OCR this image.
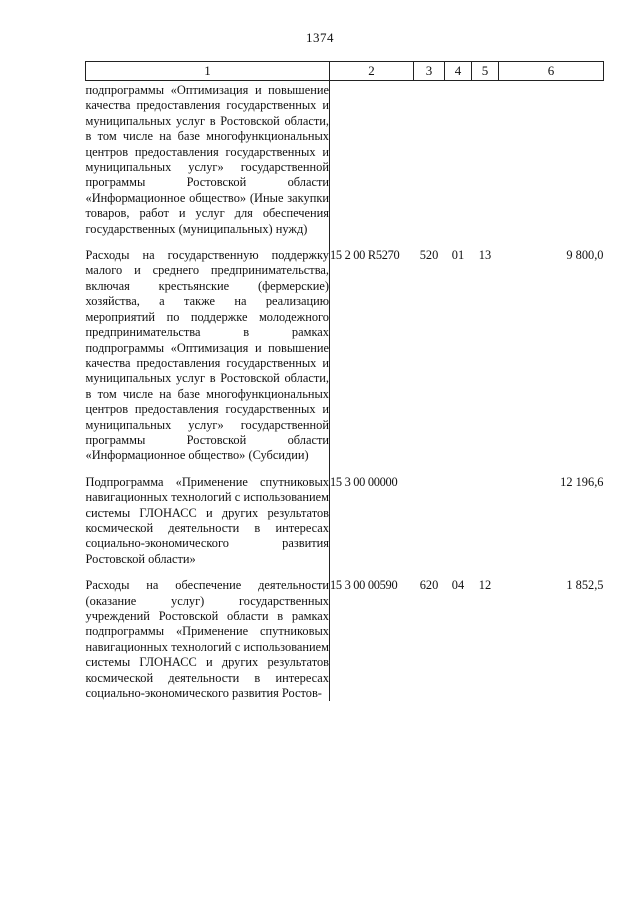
1374
1	2	3	4	5	6
подпрограммы «Оптимизация и повышение качества предоставления государственных и муниципальных услуг в Ростовской области, в том числе на базе многофункциональных центров предоставления государственных и муниципальных услуг» государственной программы Ростовской области «Информационное общество» (Иные закупки товаров, работ и услуг для обеспечения государственных (муниципальных) нужд)					
Расходы на государственную поддержку малого и среднего предпринимательства, включая крестьянские (фермерские) хозяйства, а также на реализацию мероприятий по поддержке молодежного предпринимательства в рамках подпрограммы «Оптимизация и повышение качества предоставления государственных и муниципальных услуг в Ростовской области, в том числе на базе многофункциональных центров предоставления государственных и муниципальных услуг» государственной программы Ростовской области «Информационное общество» (Субсидии)	15 2 00 R5270	520	01	13	9 800,0
Подпрограмма «Применение спутниковых навигационных технологий с использованием системы ГЛОНАСС и других результатов космической деятельности в интересах социально-экономического развития Ростовской области»	15 3 00 00000				12 196,6
Расходы на обеспечение деятельности (оказание услуг) государственных учреждений Ростовской области в рамках подпрограммы «Применение спутниковых навигационных технологий с использованием системы ГЛОНАСС и других результатов космической деятельности в интересах социально-экономического развития Ростов-	15 3 00 00590	620	04	12	1 852,5
